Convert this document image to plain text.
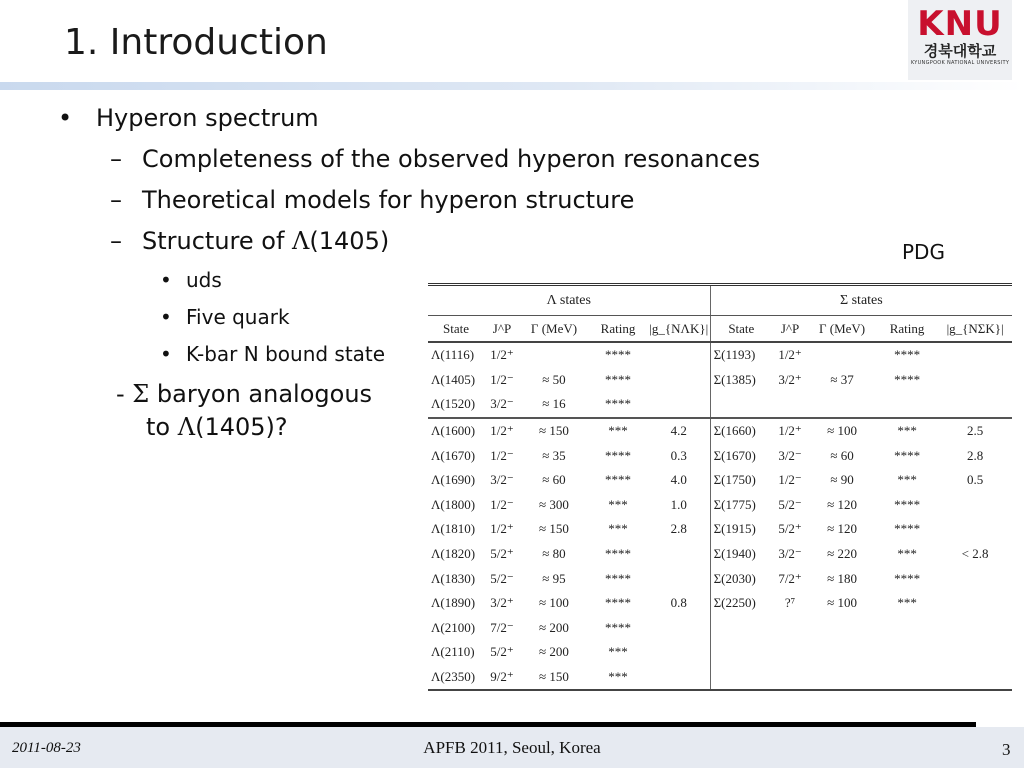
1. Introduction	KNU
경북대학교
KYUNGPOOK NATIONAL UNIVERSITY
• Hyperon spectrum
– Completeness of the observed hyperon resonances
– Theoretical models for hyperon structure
– Structure of Λ(1405)
• uds
• Five quark
• K-bar N bound state
- Σ baryon analogous
to Λ(1405)?
PDG
Λ states					Σ states				
State	J^P	Γ (MeV)	Rating	|g_{NΛK}|	State	J^P	Γ (MeV)	Rating	|g_{NΣK}|
Λ(1116)	1/2⁺		****		Σ(1193)	1/2⁺		****	
Λ(1405)	1/2⁻	≈ 50	****		Σ(1385)	3/2⁺	≈ 37	****	
Λ(1520)	3/2⁻	≈ 16	****						
Λ(1600)	1/2⁺	≈ 150	***	4.2	Σ(1660)	1/2⁺	≈ 100	***	2.5
Λ(1670)	1/2⁻	≈ 35	****	0.3	Σ(1670)	3/2⁻	≈ 60	****	2.8
Λ(1690)	3/2⁻	≈ 60	****	4.0	Σ(1750)	1/2⁻	≈ 90	***	0.5
Λ(1800)	1/2⁻	≈ 300	***	1.0	Σ(1775)	5/2⁻	≈ 120	****	
Λ(1810)	1/2⁺	≈ 150	***	2.8	Σ(1915)	5/2⁺	≈ 120	****	
Λ(1820)	5/2⁺	≈ 80	****		Σ(1940)	3/2⁻	≈ 220	***	< 2.8
Λ(1830)	5/2⁻	≈ 95	****		Σ(2030)	7/2⁺	≈ 180	****	
Λ(1890)	3/2⁺	≈ 100	****	0.8	Σ(2250)	?⁷	≈ 100	***	
Λ(2100)	7/2⁻	≈ 200	****						
Λ(2110)	5/2⁺	≈ 200	***						
Λ(2350)	9/2⁺	≈ 150	***						
2011-08-23	APFB 2011, Seoul, Korea	3
